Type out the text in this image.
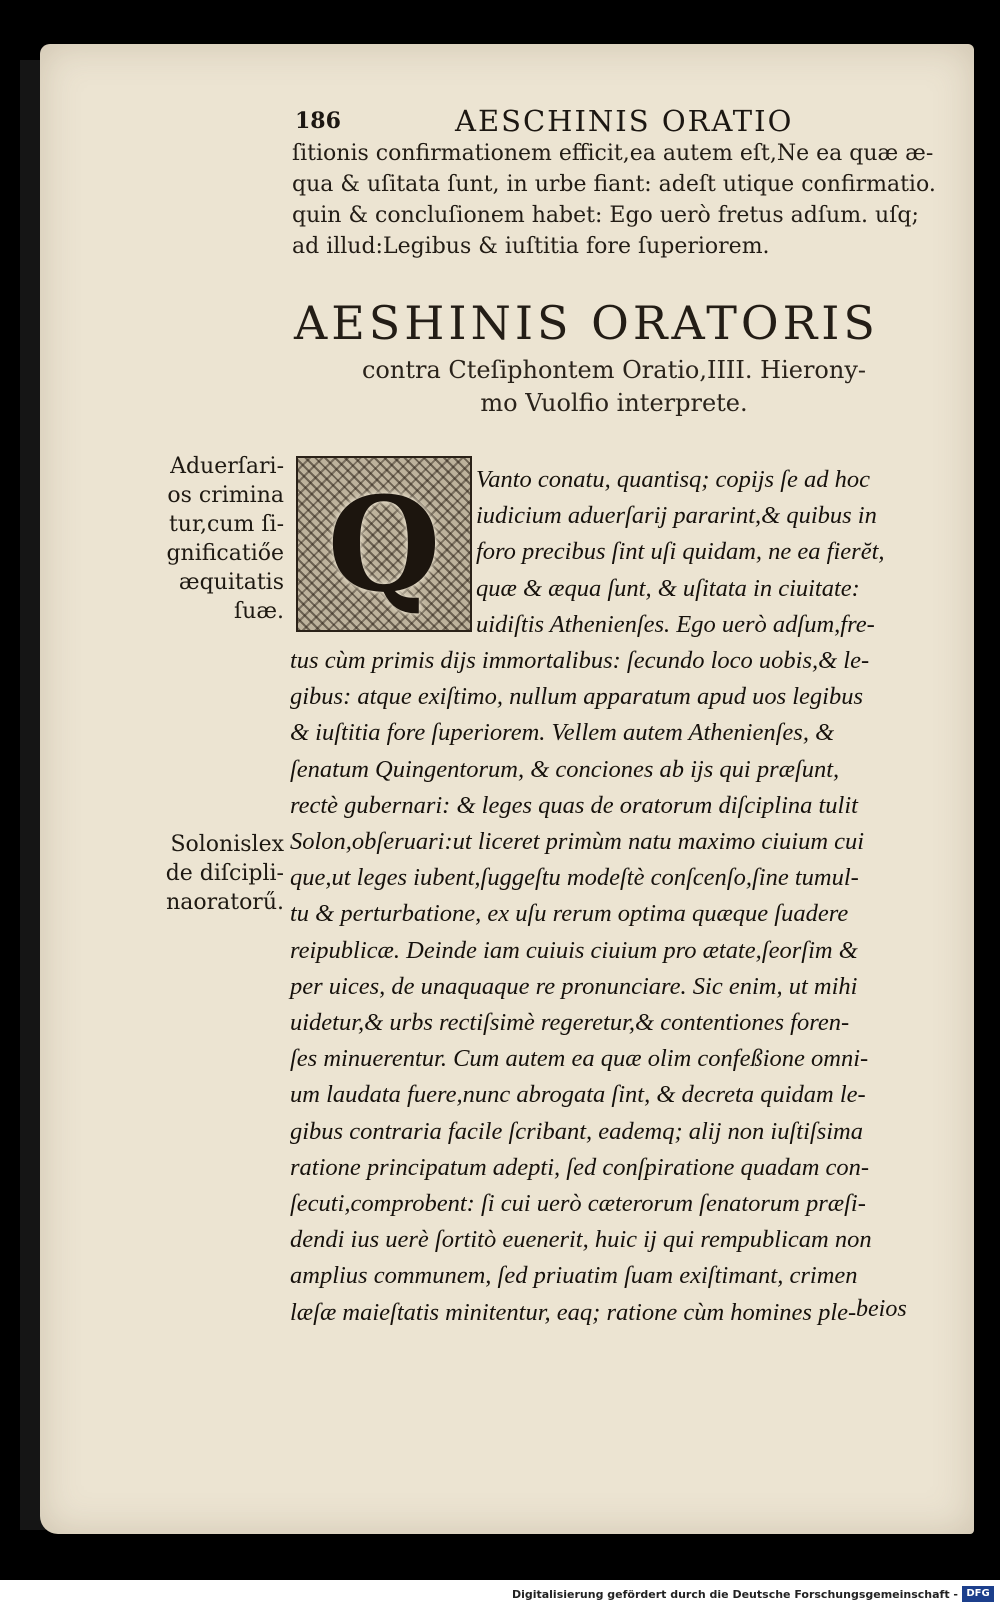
186	AESCHINIS ORATIO
ſitionis confirmationem efficit,ea autem eſt,Ne ea quæ æ-
qua & uſitata ſunt, in urbe fiant: adeſt utique confirmatio.
quin & concluſionem habet: Ego uerò fretus adſum. uſq;
ad illud:Legibus & iuſtitia fore ſuperiorem.
AESHINIS ORATORIS
contra Cteſiphontem Oratio,IIII. Hierony-
mo Vuolfio interprete.
Aduerſari-
os crimina
tur,cum ſi-
gnificatiőe
æquitatis
ſuæ.
Solonislex
de diſcipli-
naoratorű.
Q	Vanto conatu, quantisq; copijs ſe ad hoc
iudicium aduerſarij pararint,& quibus in
foro precibus ſint uſi quidam, ne ea fierĕt,
quæ & æqua ſunt, & uſitata in ciuitate:
uidiſtis Athenienſes. Ego uerò adſum,fre-
tus cùm primis dijs immortalibus: ſecundo loco uobis,& le-
gibus: atque exiſtimo, nullum apparatum apud uos legibus
& iuſtitia fore ſuperiorem. Vellem autem Athenienſes, &
ſenatum Quingentorum, & conciones ab ijs qui præſunt,
rectè gubernari: & leges quas de oratorum diſciplina tulit
Solon,obſeruari:ut liceret primùm natu maximo ciuium cui
que,ut leges iubent,ſuggeſtu modeſtè conſcenſo,ſine tumul-
tu & perturbatione, ex uſu rerum optima quæque ſuadere
reipublicæ. Deinde iam cuiuis ciuium pro ætate,ſeorſim &
per uices, de unaquaque re pronunciare. Sic enim, ut mihi
uidetur,& urbs rectiſsimè regeretur,& contentiones foren-
ſes minuerentur. Cum autem ea quæ olim confeßione omni-
um laudata fuere,nunc abrogata ſint, & decreta quidam le-
gibus contraria facile ſcribant, eademq; alij non iuſtiſsima
ratione principatum adepti, ſed conſpiratione quadam con-
ſecuti,comprobent: ſi cui uerò cæterorum ſenatorum præſi-
dendi ius uerè ſortitò euenerit, huic ij qui rempublicam non
amplius communem, ſed priuatim ſuam exiſtimant, crimen
læſæ maieſtatis minitentur, eaq; ratione cùm homines ple- beios
Digitalisierung gefördert durch die Deutsche Forschungsgemeinschaft - DFG
